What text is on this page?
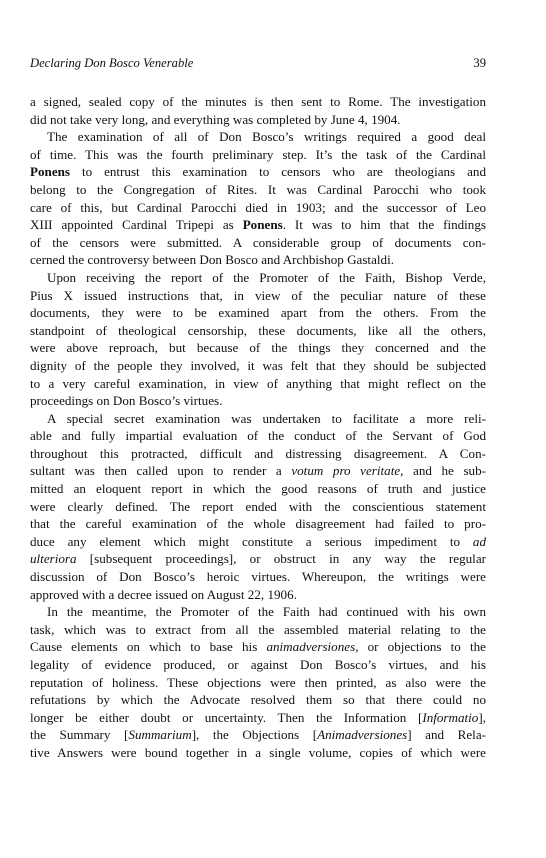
Declaring Don Bosco Venerable	39
a signed, sealed copy of the minutes is then sent to Rome. The investigation
did not take very long, and everything was completed by June 4, 1904.
The examination of all of Don Bosco’s writings required a good deal
of time. This was the fourth preliminary step. It’s the task of the Cardinal
Ponens to entrust this examination to censors who are theologians and
belong to the Congregation of Rites. It was Cardinal Parocchi who took
care of this, but Cardinal Parocchi died in 1903; and the successor of Leo
XIII appointed Cardinal Tripepi as Ponens. It was to him that the findings
of the censors were submitted. A considerable group of documents con-
cerned the controversy between Don Bosco and Archbishop Gastaldi.
Upon receiving the report of the Promoter of the Faith, Bishop Verde,
Pius X issued instructions that, in view of the peculiar nature of these
documents, they were to be examined apart from the others. From the
standpoint of theological censorship, these documents, like all the others,
were above reproach, but because of the things they concerned and the
dignity of the people they involved, it was felt that they should be subjected
to a very careful examination, in view of anything that might reflect on the
proceedings on Don Bosco’s virtues.
A special secret examination was undertaken to facilitate a more reli-
able and fully impartial evaluation of the conduct of the Servant of God
throughout this protracted, difficult and distressing disagreement. A Con-
sultant was then called upon to render a votum pro veritate, and he sub-
mitted an eloquent report in which the good reasons of truth and justice
were clearly defined. The report ended with the conscientious statement
that the careful examination of the whole disagreement had failed to pro-
duce any element which might constitute a serious impediment to ad
ulteriora [subsequent proceedings], or obstruct in any way the regular
discussion of Don Bosco’s heroic virtues. Whereupon, the writings were
approved with a decree issued on August 22, 1906.
In the meantime, the Promoter of the Faith had continued with his own
task, which was to extract from all the assembled material relating to the
Cause elements on which to base his animadversiones, or objections to the
legality of evidence produced, or against Don Bosco’s virtues, and his
reputation of holiness. These objections were then printed, as also were the
refutations by which the Advocate resolved them so that there could no
longer be either doubt or uncertainty. Then the Information [Informatio],
the Summary [Summarium], the Objections [Animadversiones] and Rela-
tive Answers were bound together in a single volume, copies of which were
